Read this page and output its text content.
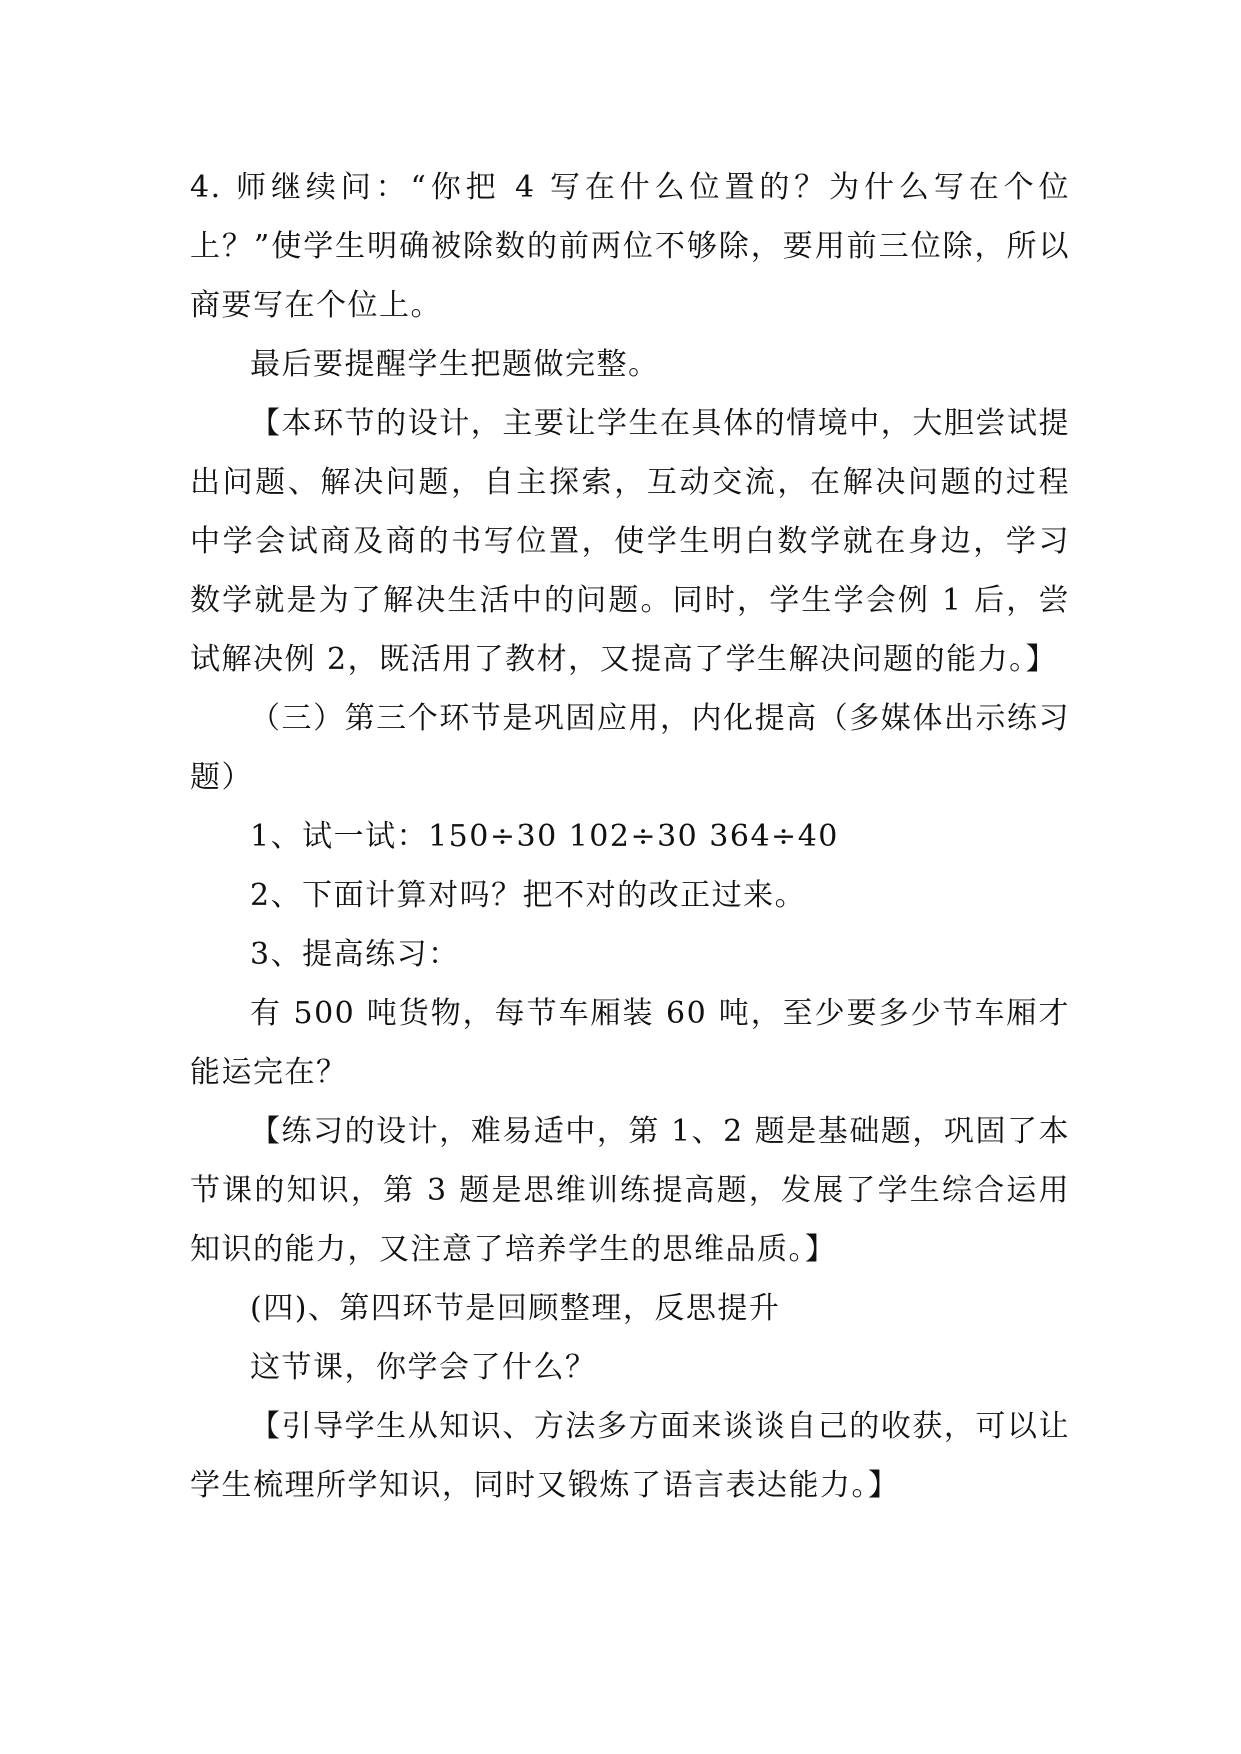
4. 师继续问：“你把 4 写在什么位置的？为什么写在个位上？”使学生明确被除数的前两位不够除，要用前三位除，所以商要写在个位上。

最后要提醒学生把题做完整。

【本环节的设计，主要让学生在具体的情境中，大胆尝试提出问题、解决问题，自主探索，互动交流，在解决问题的过程中学会试商及商的书写位置，使学生明白数学就在身边，学习数学就是为了解决生活中的问题。同时，学生学会例 1 后，尝试解决例 2，既活用了教材，又提高了学生解决问题的能力。】

（三）第三个环节是巩固应用，内化提高（多媒体出示练习题）

1、试一试：150÷30 102÷30 364÷40

2、下面计算对吗？把不对的改正过来。

3、提高练习：

有 500 吨货物，每节车厢装 60 吨，至少要多少节车厢才能运完在？

【练习的设计，难易适中，第 1、2 题是基础题，巩固了本节课的知识，第 3 题是思维训练提高题，发展了学生综合运用知识的能力，又注意了培养学生的思维品质。】

(四)、第四环节是回顾整理，反思提升

这节课，你学会了什么？

【引导学生从知识、方法多方面来谈谈自己的收获，可以让学生梳理所学知识，同时又锻炼了语言表达能力。】
